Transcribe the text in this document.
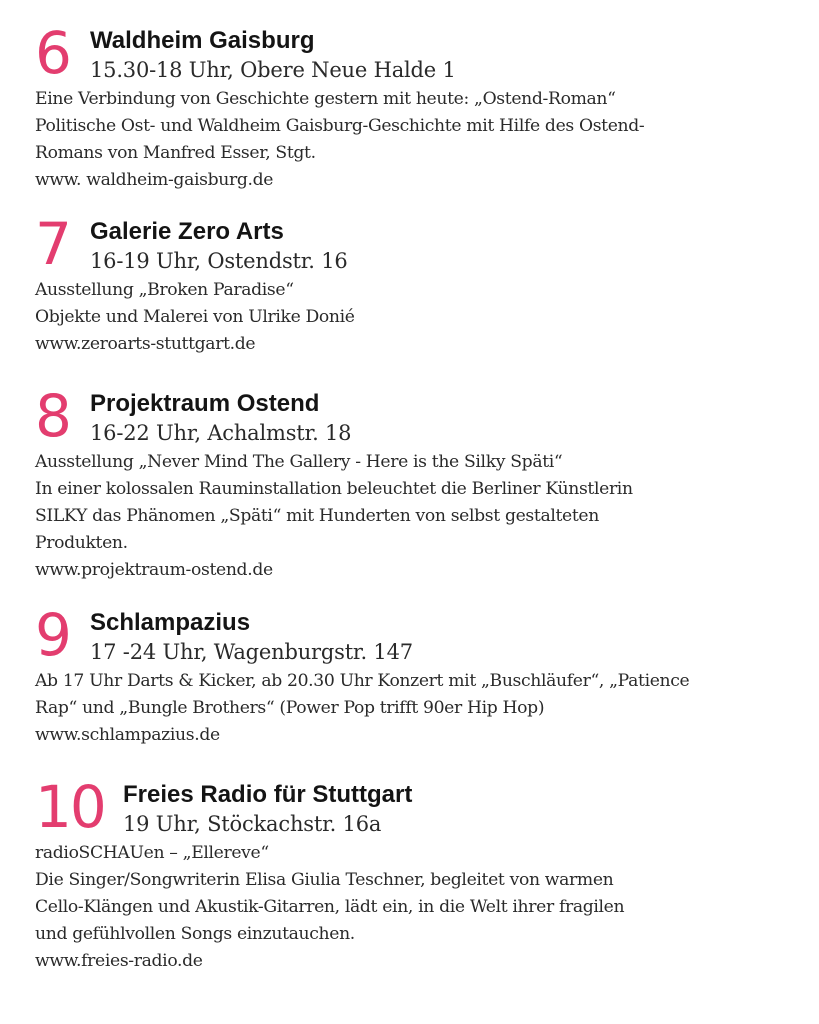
6 Waldheim Gaisburg
15.30-18 Uhr, Obere Neue Halde 1
Eine Verbindung von Geschichte gestern mit heute: „Ostend-Roman“
Politische Ost- und Waldheim Gaisburg-Geschichte mit Hilfe des Ostend-
Romans von Manfred Esser, Stgt.
www. waldheim-gaisburg.de
7 Galerie Zero Arts
16-19 Uhr, Ostendstr. 16
Ausstellung „Broken Paradise“
Objekte und Malerei von Ulrike Donié
www.zeroarts-stuttgart.de
8 Projektraum Ostend
16-22 Uhr, Achalmstr. 18
Ausstellung „Never Mind The Gallery - Here is the Silky Späti“
In einer kolossalen Rauminstallation beleuchtet die Berliner Künstlerin
SILKY das Phänomen „Späti“ mit Hunderten von selbst gestalteten
Produkten.
www.projektraum-ostend.de
9 Schlampazius
17 -24 Uhr, Wagenburgstr. 147
Ab 17 Uhr Darts & Kicker, ab 20.30 Uhr Konzert mit „Buschläufer“, „Patience
Rap“ und „Bungle Brothers“ (Power Pop trifft 90er Hip Hop)
www.schlampazius.de
10 Freies Radio für Stuttgart
19 Uhr, Stöckachstr. 16a
radioSCHAUen – „Ellereve“
Die Singer/Songwriterin Elisa Giulia Teschner, begleitet von warmen
Cello-Klängen und Akustik-Gitarren, lädt ein, in die Welt ihrer fragilen
und gefühlvollen Songs einzutauchen.
www.freies-radio.de
